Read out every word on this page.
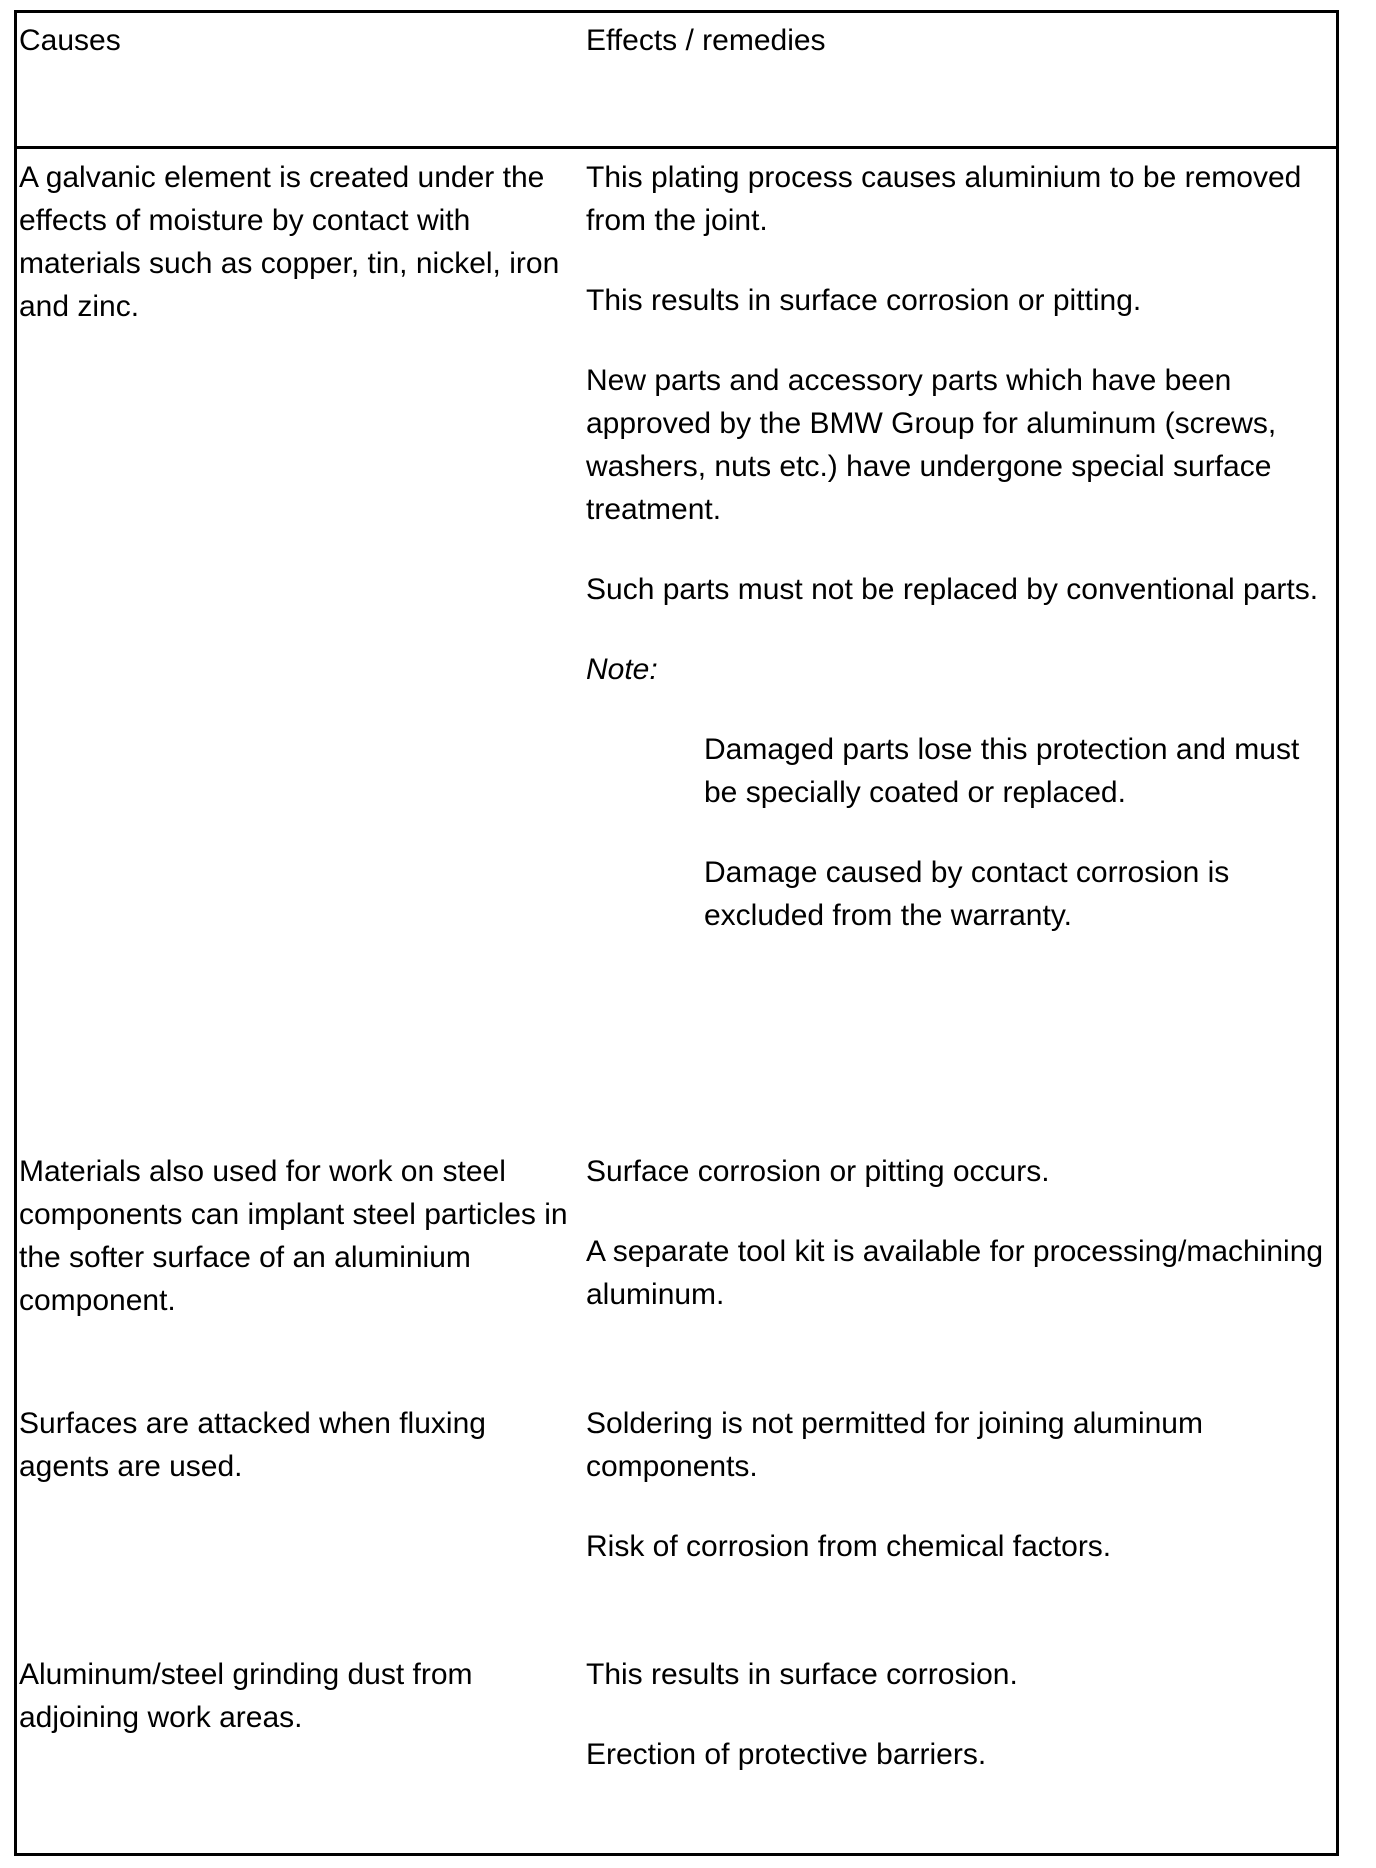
Causes	Effects / remedies
A galvanic element is created under the effects of moisture by contact with materials such as copper, tin, nickel, iron and zinc.

This plating process causes aluminium to be removed from the joint.

This results in surface corrosion or pitting.

New parts and accessory parts which have been approved by the BMW Group for aluminum (screws, washers, nuts etc.) have undergone special surface treatment.

Such parts must not be replaced by conventional parts.

Note:

Damaged parts lose this protection and must be specially coated or replaced.

Damage caused by contact corrosion is excluded from the warranty.

Materials also used for work on steel components can implant steel particles in the softer surface of an aluminium component.

Surface corrosion or pitting occurs.

A separate tool kit is available for processing/machining aluminum.

Surfaces are attacked when fluxing agents are used.

Soldering is not permitted for joining aluminum components.

Risk of corrosion from chemical factors.

Aluminum/steel grinding dust from adjoining work areas.

This results in surface corrosion.

Erection of protective barriers.
